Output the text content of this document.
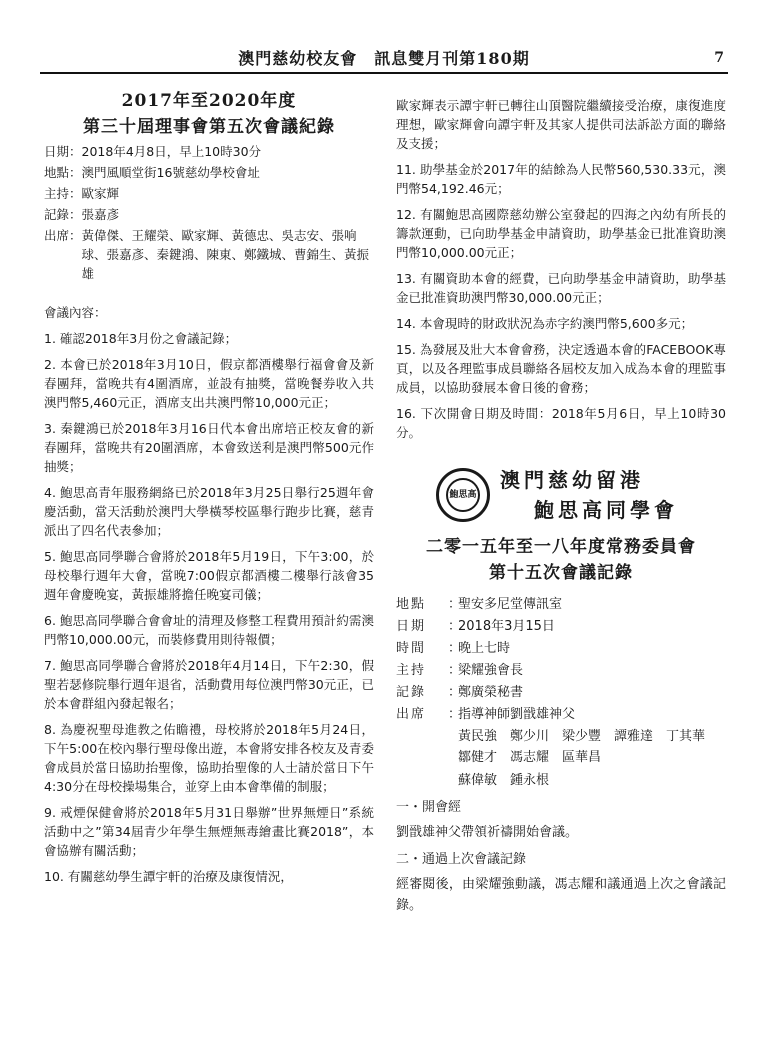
澳門慈幼校友會　訊息雙月刊第180期	7
2017年至2020年度
第三十屆理事會第五次會議紀錄
日期： 2018年4月8日，早上10時30分
地點： 澳門風順堂街16號慈幼學校會址
主持： 歐家輝
記錄： 張嘉彥
出席： 黃偉傑、王耀榮、歐家輝、黃德忠、吳志安、張响球、張嘉彥、秦鍵鴻、陳東、鄭鐵城、曹錦生、黃振雄

會議內容：

1. 確認2018年3月份之會議記錄；

2. 本會已於2018年3月10日，假京都酒樓舉行福會會及新春團拜，當晚共有4圍酒席，並設有抽獎，當晚餐券收入共澳門幣5,460元正，酒席支出共澳門幣10,000元正；

3. 秦鍵鴻已於2018年3月16日代本會出席培正校友會的新春團拜，當晚共有20圍酒席，本會致送利是澳門幣500元作抽獎；

4. 鮑思高青年服務網絡已於2018年3月25日舉行25週年會慶活動，當天活動於澳門大學橫琴校區舉行跑步比賽，慈青派出了四名代表參加；

5. 鮑思高同學聯合會將於2018年5月19日，下午3:00，於母校舉行週年大會，當晚7:00假京都酒樓二樓舉行該會35週年會慶晚宴，黃振雄將擔任晚宴司儀；

6. 鮑思高同學聯合會會址的清理及修整工程費用預計約需澳門幣10,000.00元，而裝修費用則待報價；

7. 鮑思高同學聯合會將於2018年4月14日，下午2:30，假聖若瑟修院舉行週年退省，活動費用每位澳門幣30元正，已於本會群組內發起報名；

8. 為慶祝聖母進教之佑瞻禮，母校將於2018年5月24日，下午5:00在校內舉行聖母像出遊，本會將安排各校友及青委會成員於當日協助抬聖像，協助抬聖像的人士請於當日下午4:30分在母校操場集合，並穿上由本會準備的制服；

9. 戒煙保健會將於2018年5月31日舉辦”世界無煙日”系統活動中之”第34屆青少年學生無煙無毒繪畫比賽2018”，本會協辦有關活動；

10. 有關慈幼學生譚宇軒的治療及康復情況，

歐家輝表示譚宇軒已轉往山頂醫院繼續接受治療，康復進度理想，歐家輝會向譚宇軒及其家人提供司法訴訟方面的聯絡及支援；

11. 助學基金於2017年的結餘為人民幣560,530.33元，澳門幣54,192.46元；

12. 有關鮑思高國際慈幼辦公室發起的四海之內幼有所長的籌款運動，已向助學基金申請資助，助學基金已批准資助澳門幣10,000.00元正；

13. 有關資助本會的經費，已向助學基金申請資助，助學基金已批准資助澳門幣30,000.00元正；

14. 本會現時的財政狀況為赤字約澳門幣5,600多元；

15. 為發展及壯大本會會務，決定透過本會的FACEBOOK專頁，以及各理監事成員聯絡各屆校友加入成為本會的理監事成員，以協助發展本會日後的會務；

16. 下次開會日期及時間：2018年5月6日，早上10時30分。

鮑思高
澳門慈幼留港
鮑思高同學會
二零一五年至一八年度常務委員會
第十五次會議記錄
地點	：
聖安多尼堂傳訊室
日期	：
2018年3月15日
時間	：
晚上七時
主持	：
梁耀強會長
記錄	：
鄭廣榮秘書
出席	：
指導神師劉戩雄神父
黃民強　鄭少川　梁少豐　譚雅達　丁其華　鄒健才　馮志耀　區華昌
蘇偉敏　鍾永根
一・開會經
劉戩雄神父帶領祈禱開始會議。
二・通過上次會議記錄
經審閱後，由梁耀強動議，馮志耀和議通過上次之會議記錄。
